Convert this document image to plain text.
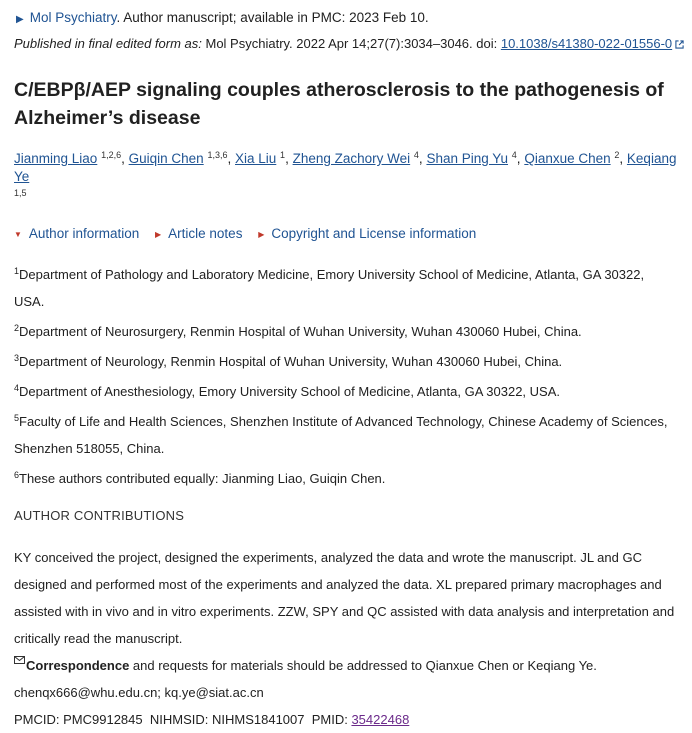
▶ Mol Psychiatry. Author manuscript; available in PMC: 2023 Feb 10.
Published in final edited form as: Mol Psychiatry. 2022 Apr 14;27(7):3034–3046. doi: 10.1038/s41380-022-01556-0
C/EBPβ/AEP signaling couples atherosclerosis to the pathogenesis of Alzheimer’s disease
Jianming Liao $^{1,2,6}$, Guiqin Chen $^{1,3,6}$, Xia Liu $^1$, Zheng Zachory Wei $^4$, Shan Ping Yu $^4$, Qianxue Chen $^2$, Keqiang Ye
1,5
▼ Author information ▶ Article notes ▶ Copyright and License information
$^1$Department of Pathology and Laboratory Medicine, Emory University School of Medicine, Atlanta, GA 30322, USA.
$^2$Department of Neurosurgery, Renmin Hospital of Wuhan University, Wuhan 430060 Hubei, China.
$^3$Department of Neurology, Renmin Hospital of Wuhan University, Wuhan 430060 Hubei, China.
$^4$Department of Anesthesiology, Emory University School of Medicine, Atlanta, GA 30322, USA.
$^5$Faculty of Life and Health Sciences, Shenzhen Institute of Advanced Technology, Chinese Academy of Sciences, Shenzhen 518055, China.
$^6$These authors contributed equally: Jianming Liao, Guiqin Chen.
AUTHOR CONTRIBUTIONS
KY conceived the project, designed the experiments, analyzed the data and wrote the manuscript. JL and GC designed and performed most of the experiments and analyzed the data. XL prepared primary macrophages and assisted with in vivo and in vitro experiments. ZZW, SPY and QC assisted with data analysis and interpretation and critically read the manuscript.
Correspondence and requests for materials should be addressed to Qianxue Chen or Keqiang Ye.
chenqx666@whu.edu.cn; kq.ye@siat.ac.cn
PMCID: PMC9912845 NIHMSID: NIHMS1841007 PMID: 35422468
